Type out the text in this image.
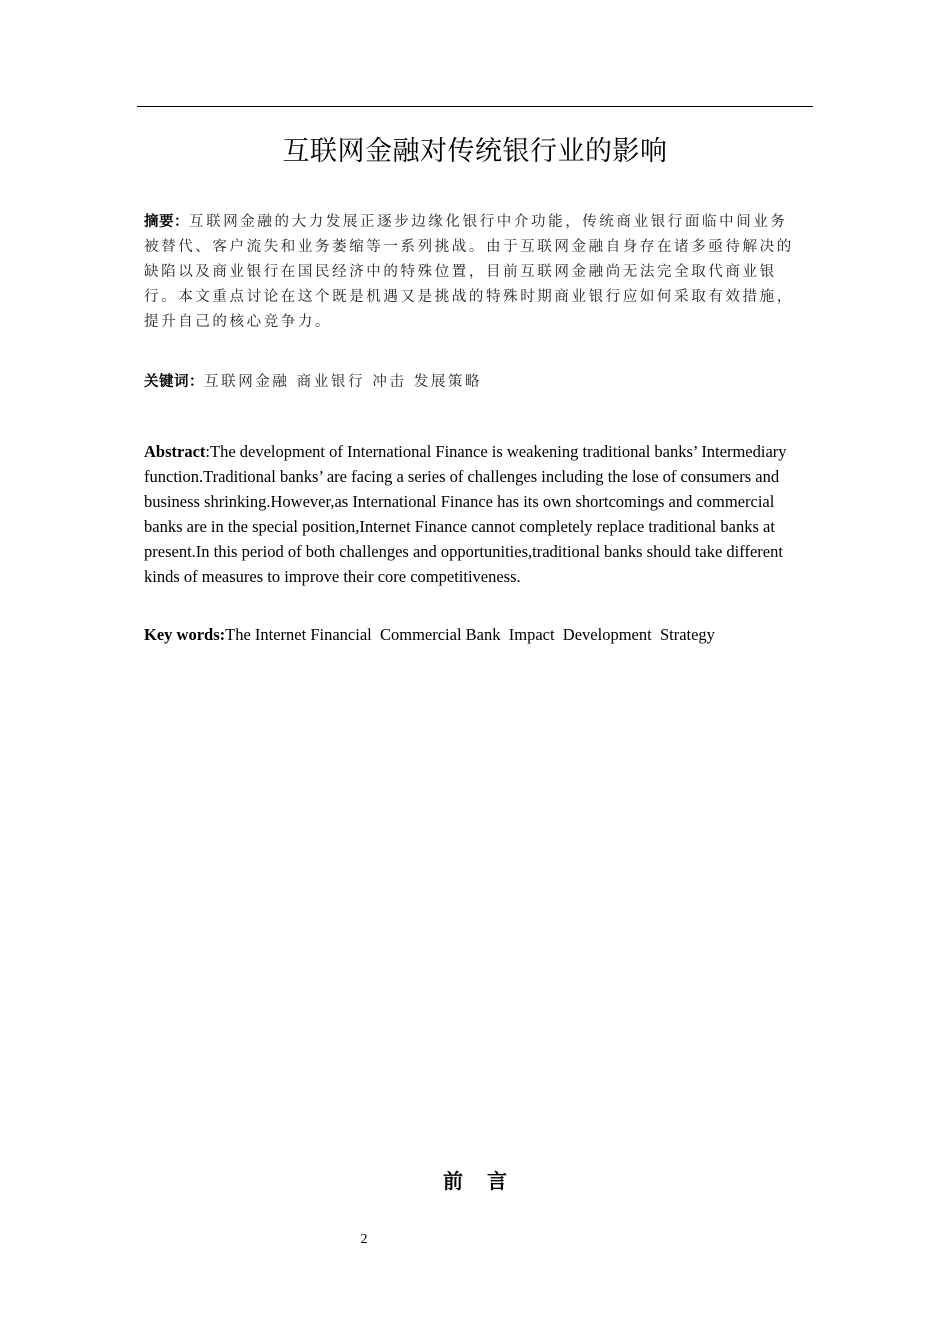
互联网金融对传统银行业的影响

摘要：互联网金融的大力发展正逐步边缘化银行中介功能，传统商业银行面临中间业务被替代、客户流失和业务萎缩等一系列挑战。由于互联网金融自身存在诸多亟待解决的缺陷以及商业银行在国民经济中的特殊位置，目前互联网金融尚无法完全取代商业银行。本文重点讨论在这个既是机遇又是挑战的特殊时期商业银行应如何采取有效措施，提升自己的核心竞争力。

关键词：互联网金融 商业银行 冲击 发展策略

Abstract:The development of International Finance is weakening traditional banks’ Intermediary function.Traditional banks’ are facing a series of challenges including the lose of consumers and business shrinking.However,as International Finance has its own shortcomings and commercial banks are in the special position,Internet Finance cannot completely replace traditional banks at present.In this period of both challenges and opportunities,traditional banks should take different kinds of measures to improve their core competitiveness.

Key words:The Internet Financial  Commercial Bank  Impact  Development  Strategy

前言
2
